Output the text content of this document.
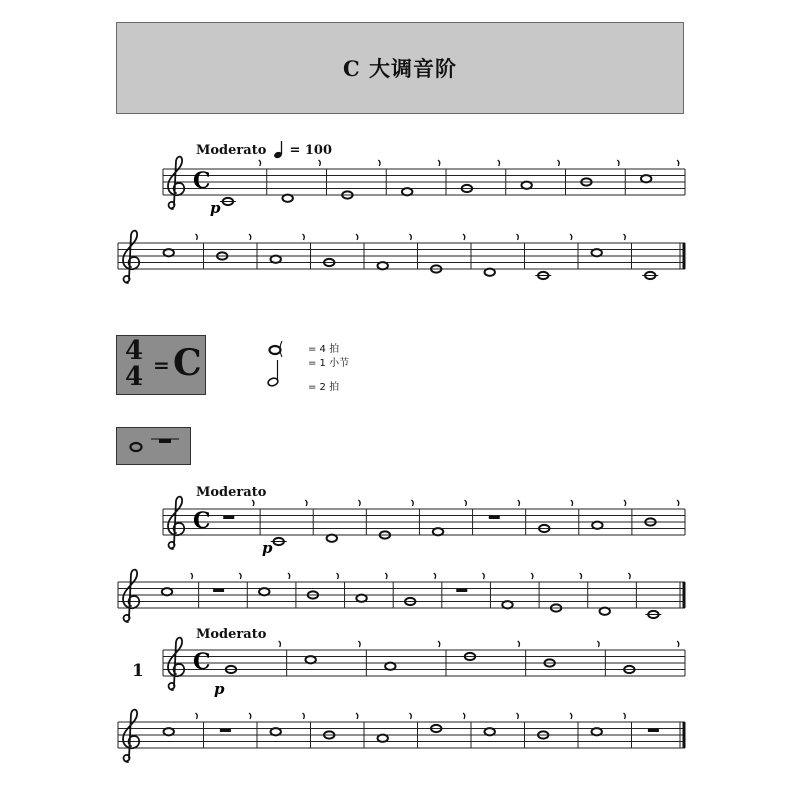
C 大调音阶
Moderato = 100
Moderato
Moderato
1
4
4 = C	= 4 拍
= 1 小节
= 2 拍
C
p
C
p
C
p
